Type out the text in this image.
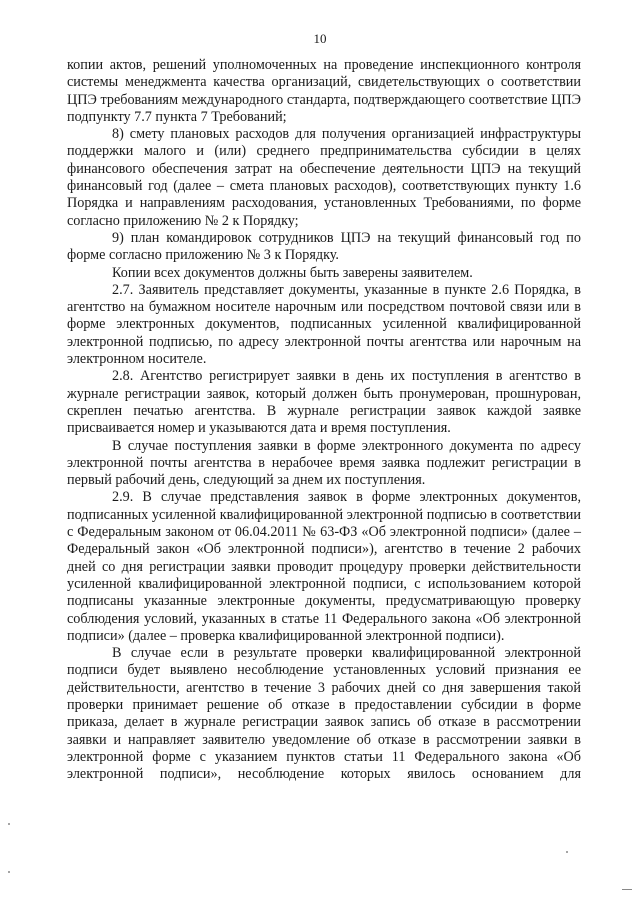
10

копии актов, решений уполномоченных на проведение инспекционного контроля системы менеджмента качества организаций, свидетельствующих о соответствии ЦПЭ требованиям международного стандарта, подтверждающего соответствие ЦПЭ подпункту 7.7 пункта 7 Требований;

8) смету плановых расходов для получения организацией инфраструктуры поддержки малого и (или) среднего предпринимательства субсидии в целях финансового обеспечения затрат на обеспечение деятельности ЦПЭ на текущий финансовый год (далее – смета плановых расходов), соответствующих пункту 1.6 Порядка и направлениям расходования, установленных Требованиями, по форме согласно приложению № 2 к Порядку;

9) план командировок сотрудников ЦПЭ на текущий финансовый год по форме согласно приложению № 3 к Порядку.

Копии всех документов должны быть заверены заявителем.

2.7. Заявитель представляет документы, указанные в пункте 2.6 Порядка, в агентство на бумажном носителе нарочным или посредством почтовой связи или в форме электронных документов, подписанных усиленной квалифицированной электронной подписью, по адресу электронной почты агентства или нарочным на электронном носителе.

2.8. Агентство регистрирует заявки в день их поступления в агентство в журнале регистрации заявок, который должен быть пронумерован, прошнурован, скреплен печатью агентства. В журнале регистрации заявок каждой заявке присваивается номер и указываются дата и время поступления.

В случае поступления заявки в форме электронного документа по адресу электронной почты агентства в нерабочее время заявка подлежит регистрации в первый рабочий день, следующий за днем их поступления.

2.9. В случае представления заявок в форме электронных документов, подписанных усиленной квалифицированной электронной подписью в соответствии с Федеральным законом от 06.04.2011 № 63-ФЗ «Об электронной подписи» (далее – Федеральный закон «Об электронной подписи»), агентство в течение 2 рабочих дней со дня регистрации заявки проводит процедуру проверки действительности усиленной квалифицированной электронной подписи, с использованием которой подписаны указанные электронные документы, предусматривающую проверку соблюдения условий, указанных в статье 11 Федерального закона «Об электронной подписи» (далее – проверка квалифицированной электронной подписи).

В случае если в результате проверки квалифицированной электронной подписи будет выявлено несоблюдение установленных условий признания ее действительности, агентство в течение 3 рабочих дней со дня завершения такой проверки принимает решение об отказе в предоставлении субсидии в форме приказа, делает в журнале регистрации заявок запись об отказе в рассмотрении заявки и направляет заявителю уведомление об отказе в рассмотрении заявки в электронной форме с указанием пунктов статьи 11 Федерального закона «Об электронной подписи», несоблюдение которых явилось основанием для
